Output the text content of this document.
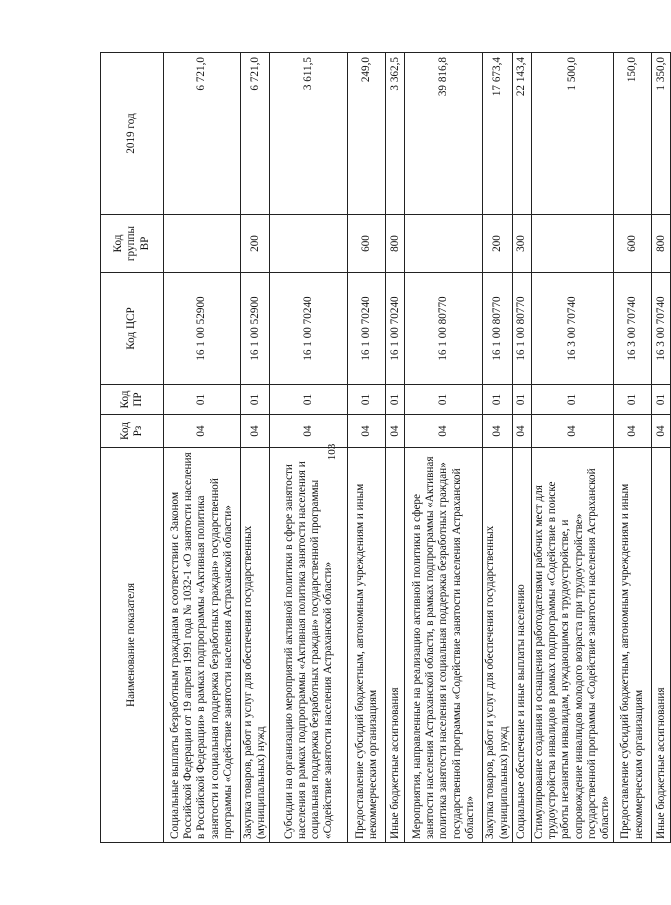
103
Наименование показателя	Код Рз	Код ПР	Код ЦСР	Код группы ВР	2019 год
Социальные выплаты безработным гражданам в соответствии с Законом Российской Федерации от 19 апреля 1991 года № 1032-1 «О занятости населения в Российской Федерации» в рамках подпрограммы «Активная политика занятости и социальная поддержка безработных граждан» государственной программы «Содействие занятости населения Астраханской области»	04	01	16 1 00 52900		6 721,0
Закупка товаров, работ и услуг для обеспечения государственных (муниципальных) нужд	04	01	16 1 00 52900	200	6 721,0
Субсидии на организацию мероприятий активной политики в сфере занятости населения в рамках подпрограммы «Активная политика занятости населения и социальная поддержка безработных граждан» государственной программы «Содействие занятости населения Астраханской области»	04	01	16 1 00 70240		3 611,5
Предоставление субсидий бюджетным, автономным учреждениям и иным некоммерческим организациям	04	01	16 1 00 70240	600	249,0
Иные бюджетные ассигнования	04	01	16 1 00 70240	800	3 362,5
Мероприятия, направленные на реализацию активной политики в сфере занятости населения Астраханской области, в рамках подпрограммы «Активная политика занятости населения и социальная поддержка безработных граждан» государственной программы «Содействие занятости населения Астраханской области»	04	01	16 1 00 80770		39 816,8
Закупка товаров, работ и услуг для обеспечения государственных (муниципальных) нужд	04	01	16 1 00 80770	200	17 673,4
Социальное обеспечение и иные выплаты населению	04	01	16 1 00 80770	300	22 143,4
Стимулирование создания и оснащения работодателями рабочих мест для трудоустройства инвалидов в рамках подпрограммы «Содействие в поиске работы незанятым инвалидам, нуждающимся в трудоустройстве, и сопровождение инвалидов молодого возраста при трудоустройстве» государственной программы «Содействие занятости населения Астраханской области»	04	01	16 3 00 70740		1 500,0
Предоставление субсидий бюджетным, автономным учреждениям и иным некоммерческим организациям	04	01	16 3 00 70740	600	150,0
Иные бюджетные ассигнования	04	01	16 3 00 70740	800	1 350,0
